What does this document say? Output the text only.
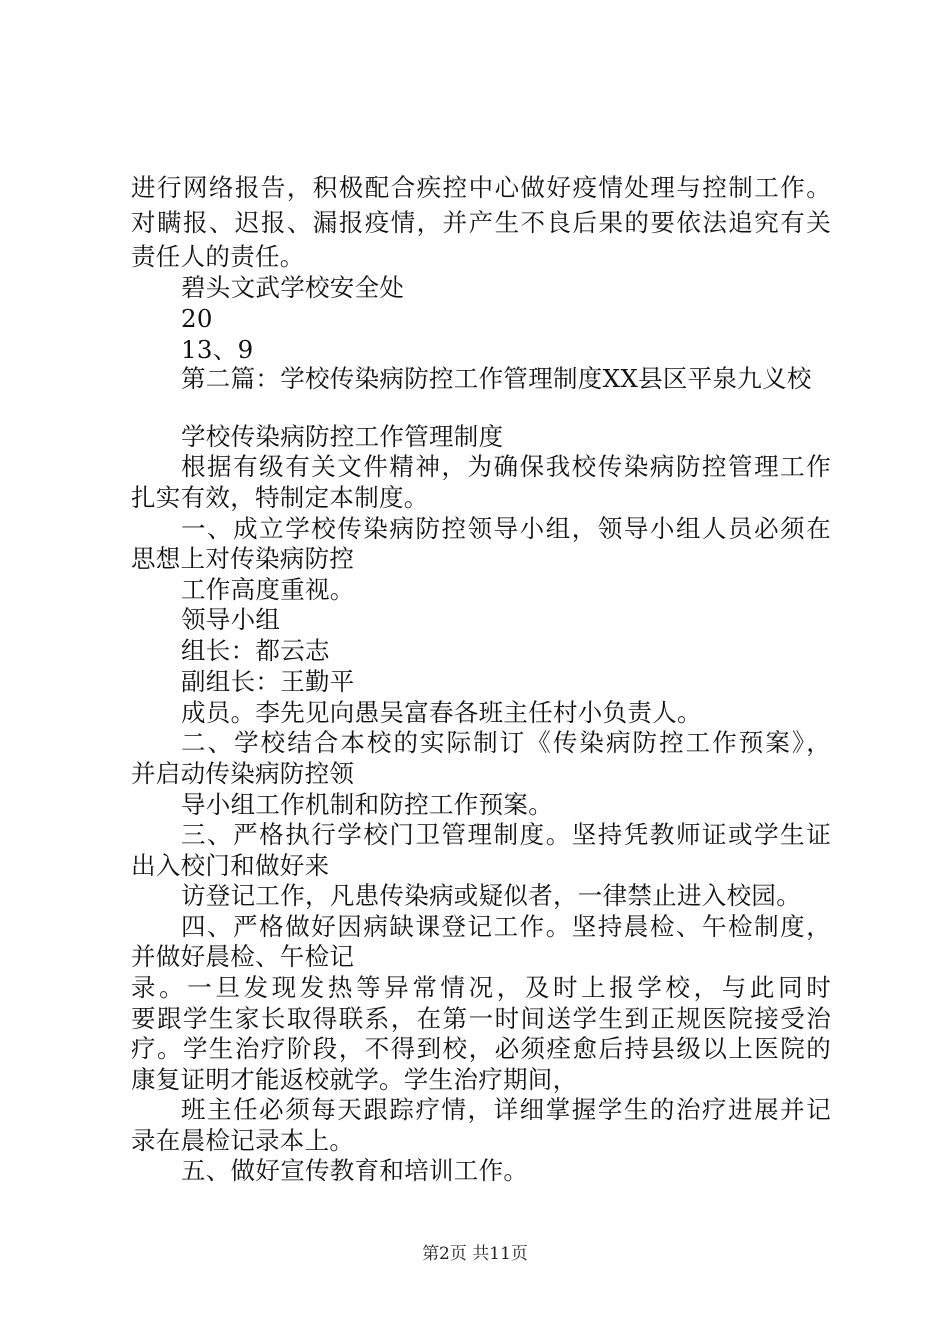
进行网络报告，积极配合疾控中心做好疫情处理与控制工作。
对瞒报、迟报、漏报疫情，并产生不良后果的要依法追究有关
责任人的责任。
碧头文武学校安全处
20
13、9
第二篇：学校传染病防控工作管理制度XX县区平泉九义校
学校传染病防控工作管理制度
根据有级有关文件精神，为确保我校传染病防控管理工作
扎实有效，特制定本制度。
一、成立学校传染病防控领导小组，领导小组人员必须在
思想上对传染病防控
工作高度重视。
领导小组
组长：都云志
副组长：王勤平
成员。李先见向愚吴富春各班主任村小负责人。
二、学校结合本校的实际制订《传染病防控工作预案》，
并启动传染病防控领
导小组工作机制和防控工作预案。
三、严格执行学校门卫管理制度。坚持凭教师证或学生证
出入校门和做好来
访登记工作，凡患传染病或疑似者，一律禁止进入校园。
四、严格做好因病缺课登记工作。坚持晨检、午检制度，
并做好晨检、午检记
录。一旦发现发热等异常情况，及时上报学校，与此同时
要跟学生家长取得联系，在第一时间送学生到正规医院接受治
疗。学生治疗阶段，不得到校，必须痊愈后持县级以上医院的
康复证明才能返校就学。学生治疗期间，
班主任必须每天跟踪疗情，详细掌握学生的治疗进展并记
录在晨检记录本上。
五、做好宣传教育和培训工作。
第2页 共11页
